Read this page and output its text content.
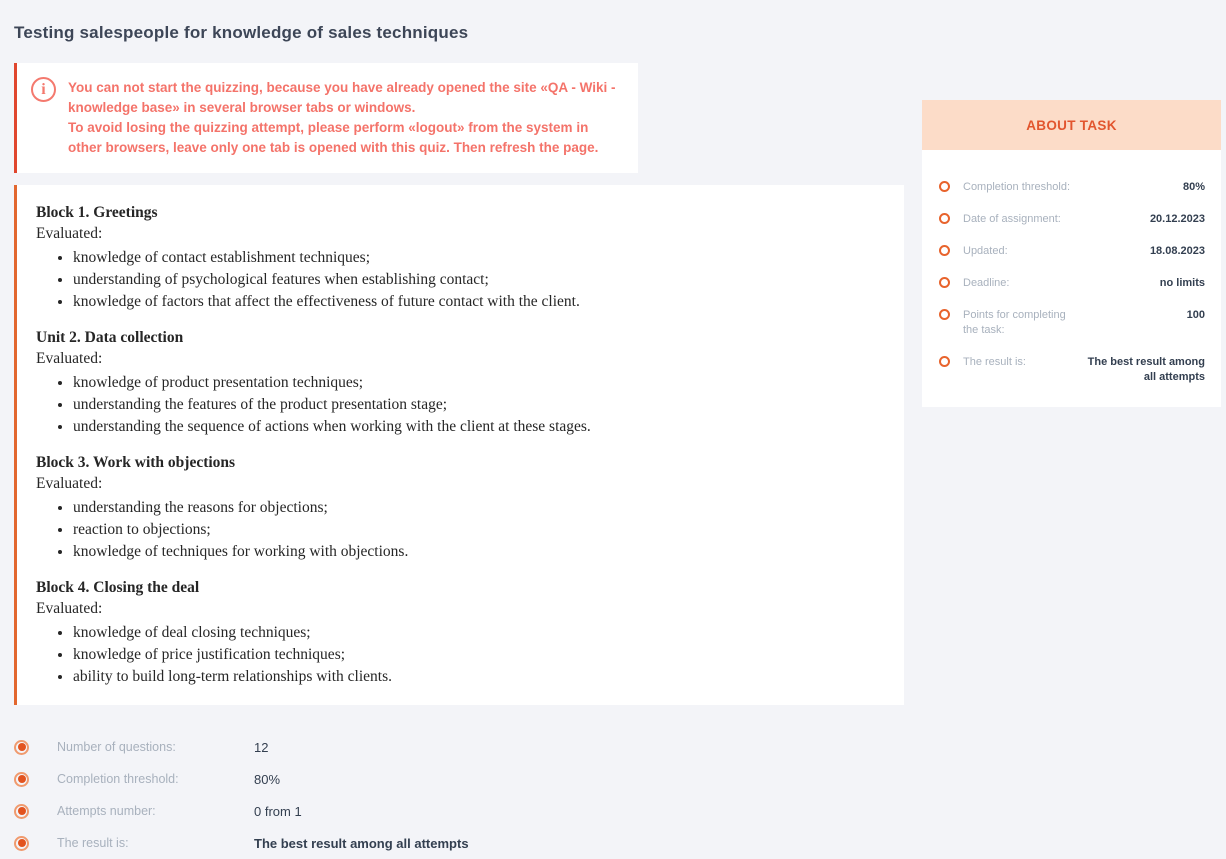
Testing salespeople for knowledge of sales techniques
i	You can not start the quizzing, because you have already opened the site «QA - Wiki - knowledge base» in several browser tabs or windows.

To avoid losing the quizzing attempt, please perform «logout» from the system in other browsers, leave only one tab is opened with this quiz. Then refresh the page.

Block 1. Greetings
Evaluated:
• knowledge of contact establishment techniques;
• understanding of psychological features when establishing contact;
• knowledge of factors that affect the effectiveness of future contact with the client.
Unit 2. Data collection
Evaluated:
• knowledge of product presentation techniques;
• understanding the features of the product presentation stage;
• understanding the sequence of actions when working with the client at these stages.
Block 3. Work with objections
Evaluated:
• understanding the reasons for objections;
• reaction to objections;
• knowledge of techniques for working with objections.
Block 4. Closing the deal
Evaluated:
• knowledge of deal closing techniques;
• knowledge of price justification techniques;
• ability to build long-term relationships with clients.
ABOUT TASK
Completion threshold:	80%
Date of assignment:	20.12.2023
Updated:	18.08.2023
Deadline:	no limits
Points for completing the task:
100
The result is:	The best result among all attempts
Number of questions:	12
Completion threshold:	80%
Attempts number:	0 from 1
The result is:	The best result among all attempts
